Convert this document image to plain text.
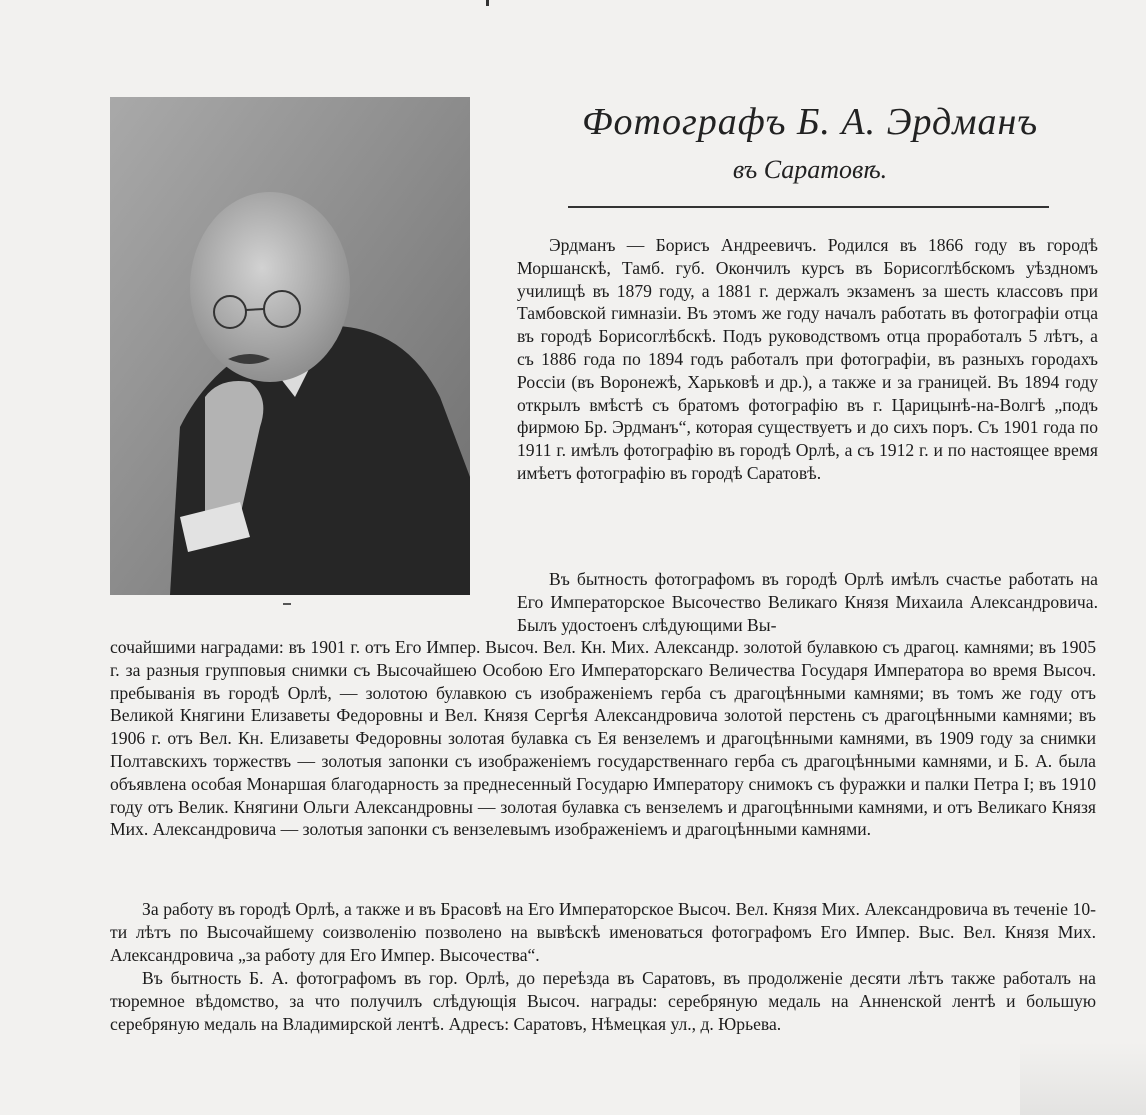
Фотографъ Б. А. Эрдманъ
въ Саратовѣ.
Эрдманъ — Борисъ Андреевичъ. Родился въ 1866 году въ городѣ Моршанскѣ, Тамб. губ. Окончилъ курсъ въ Борисоглѣбскомъ уѣздномъ училищѣ въ 1879 году, а 1881 г. держалъ экзаменъ за шесть классовъ при Тамбовской гимназіи. Въ этомъ же году началъ работать въ фотографіи отца въ городѣ Борисоглѣбскѣ. Подъ руководствомъ отца проработалъ 5 лѣтъ, а съ 1886 года по 1894 годъ работалъ при фотографіи, въ разныхъ городахъ Россіи (въ Воронежѣ, Харьковѣ и др.), а также и за границей. Въ 1894 году открылъ вмѣстѣ съ братомъ фотографію въ г. Царицынѣ-на-Волгѣ „подъ фирмою Бр. Эрдманъ“, которая существуетъ и до сихъ поръ. Съ 1901 года по 1911 г. имѣлъ фотографію въ городѣ Орлѣ, а съ 1912 г. и по настоящее время имѣетъ фотографію въ городѣ Саратовѣ.
Въ бытность фотографомъ въ городѣ Орлѣ имѣлъ счастье работать на Его Императорское Высочество Великаго Князя Михаила Александровича. Былъ удостоенъ слѣдующими Вы-
сочайшими наградами: въ 1901 г. отъ Его Импер. Высоч. Вел. Кн. Мих. Александр. золотой булавкою съ драгоц. камнями; въ 1905 г. за разныя групповыя снимки съ Высочайшею Особою Его Императорскаго Величества Государя Императора во время Высоч. пребыванія въ городѣ Орлѣ, — золотою булавкою съ изображеніемъ герба съ драгоцѣнными камнями; въ томъ же году отъ Великой Княгини Елизаветы Федоровны и Вел. Князя Сергѣя Александровича золотой перстень съ драгоцѣнными камнями; въ 1906 г. отъ Вел. Кн. Елизаветы Федоровны золотая булавка съ Ея вензелемъ и драгоцѣнными камнями, въ 1909 году за снимки Полтавскихъ торжествъ — золотыя запонки съ изображеніемъ государственнаго герба съ драгоцѣнными камнями, и Б. А. была объявлена особая Монаршая благодарность за преднесенный Государю Императору снимокъ съ фуражки и палки Петра I; въ 1910 году отъ Велик. Княгини Ольги Александровны — золотая булавка съ вензелемъ и драгоцѣнными камнями, и отъ Великаго Князя Мих. Александровича — золотыя запонки съ вензелевымъ изображеніемъ и драгоцѣнными камнями.
За работу въ городѣ Орлѣ, а также и въ Брасовѣ на Его Императорское Высоч. Вел. Князя Мих. Александровича въ теченіе 10-ти лѣтъ по Высочайшему соизволенію позволено на вывѣскѣ именоваться фотографомъ Его Импер. Выс. Вел. Князя Мих. Александровича „за работу для Его Импер. Высочества“.
Въ бытность Б. А. фотографомъ въ гор. Орлѣ, до переѣзда въ Саратовъ, въ продолженіе десяти лѣтъ также работалъ на тюремное вѣдомство, за что получилъ слѣдующія Высоч. награды: серебряную медаль на Анненской лентѣ и большую серебряную медаль на Владимирской лентѣ. Адресъ: Саратовъ, Нѣмецкая ул., д. Юрьева.
